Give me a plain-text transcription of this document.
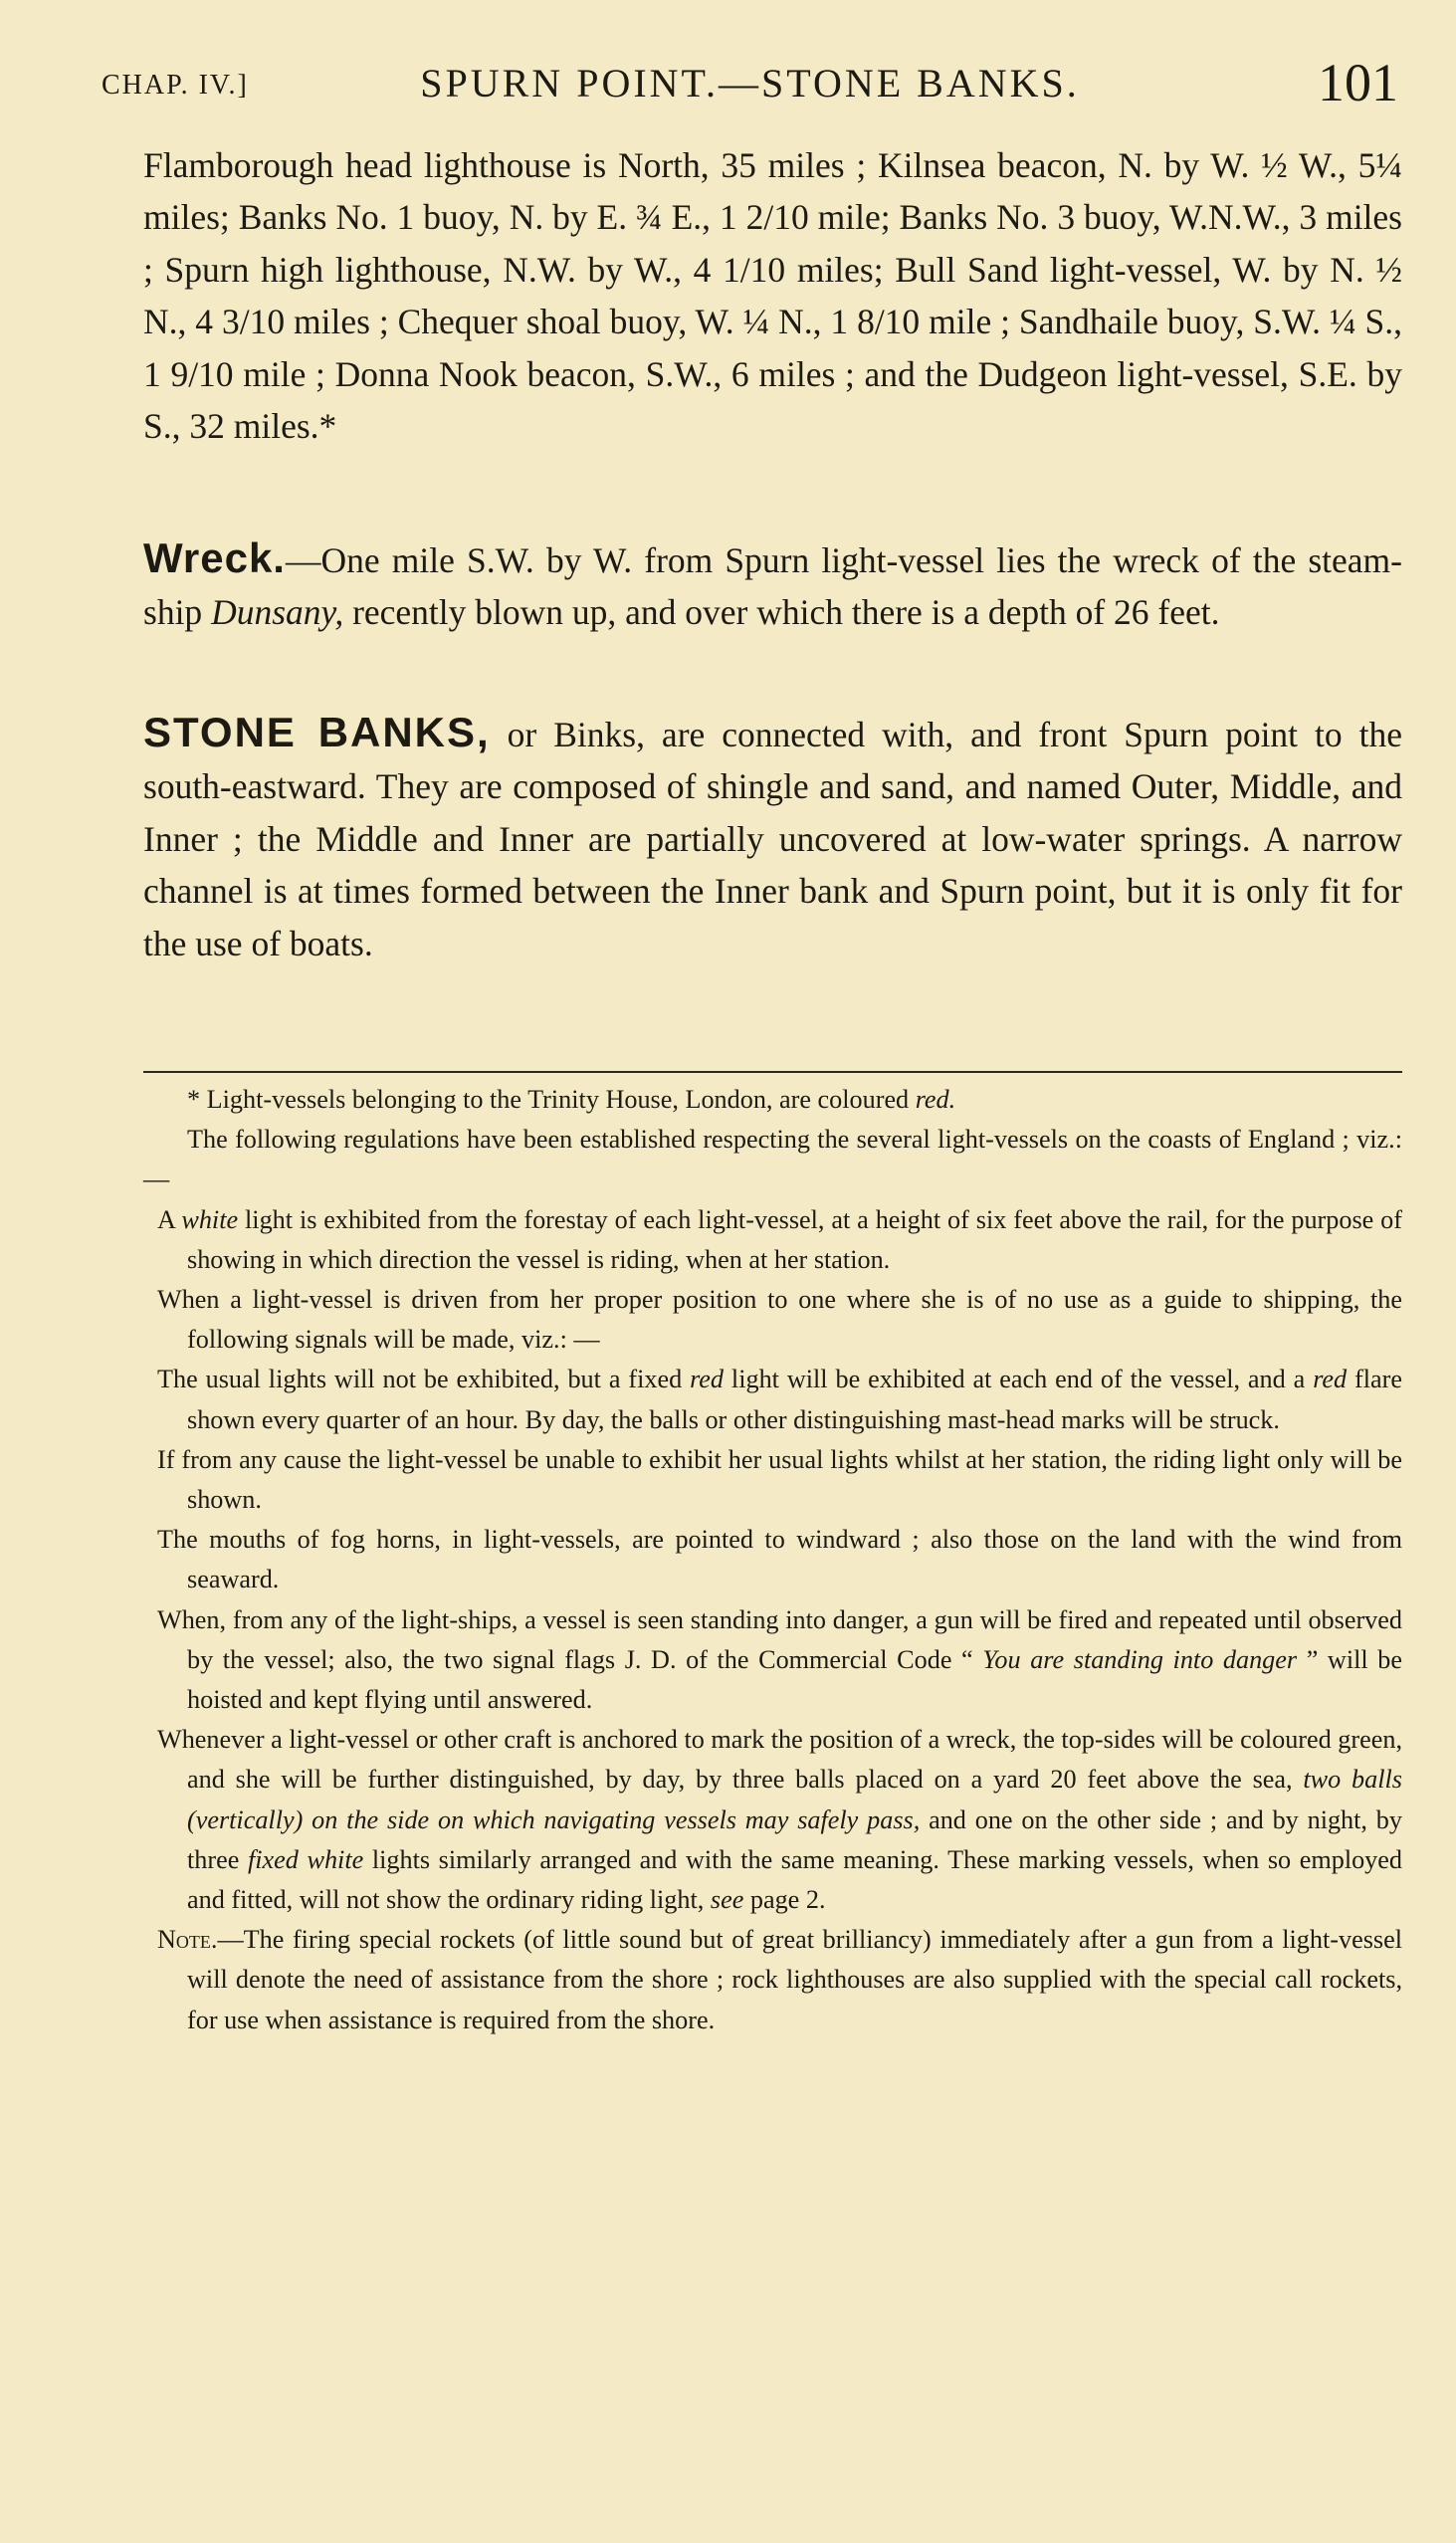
CHAP. IV.]	SPURN POINT.—STONE BANKS.	101

Flamborough head lighthouse is North, 35 miles ; Kilnsea beacon, N. by W. ½ W., 5¼ miles; Banks No. 1 buoy, N. by E. ¾ E., 1 2/10 mile; Banks No. 3 buoy, W.N.W., 3 miles ; Spurn high lighthouse, N.W. by W., 4 1/10 miles; Bull Sand light-vessel, W. by N. ½ N., 4 3/10 miles ; Chequer shoal buoy, W. ¼ N., 1 8/10 mile ; Sandhaile buoy, S.W. ¼ S., 1 9/10 mile ; Donna Nook beacon, S.W., 6 miles ; and the Dudgeon light-vessel, S.E. by S., 32 miles.*

Wreck.—One mile S.W. by W. from Spurn light-vessel lies the wreck of the steam-ship Dunsany, recently blown up, and over which there is a depth of 26 feet.

STONE BANKS, or Binks, are connected with, and front Spurn point to the south-eastward. They are composed of shingle and sand, and named Outer, Middle, and Inner ; the Middle and Inner are partially uncovered at low-water springs. A narrow channel is at times formed between the Inner bank and Spurn point, but it is only fit for the use of boats.

* Light-vessels belonging to the Trinity House, London, are coloured red.

The following regulations have been established respecting the several light-vessels on the coasts of England ; viz.: —

A white light is exhibited from the forestay of each light-vessel, at a height of six feet above the rail, for the purpose of showing in which direction the vessel is riding, when at her station.

When a light-vessel is driven from her proper position to one where she is of no use as a guide to shipping, the following signals will be made, viz.: —

The usual lights will not be exhibited, but a fixed red light will be exhibited at each end of the vessel, and a red flare shown every quarter of an hour. By day, the balls or other distinguishing mast-head marks will be struck.

If from any cause the light-vessel be unable to exhibit her usual lights whilst at her station, the riding light only will be shown.

The mouths of fog horns, in light-vessels, are pointed to windward ; also those on the land with the wind from seaward.

When, from any of the light-ships, a vessel is seen standing into danger, a gun will be fired and repeated until observed by the vessel; also, the two signal flags J. D. of the Commercial Code “ You are standing into danger ” will be hoisted and kept flying until answered.

Whenever a light-vessel or other craft is anchored to mark the position of a wreck, the top-sides will be coloured green, and she will be further distinguished, by day, by three balls placed on a yard 20 feet above the sea, two balls (vertically) on the side on which navigating vessels may safely pass, and one on the other side ; and by night, by three fixed white lights similarly arranged and with the same meaning. These marking vessels, when so employed and fitted, will not show the ordinary riding light, see page 2.

Note.—The firing special rockets (of little sound but of great brilliancy) immediately after a gun from a light-vessel will denote the need of assistance from the shore ; rock lighthouses are also supplied with the special call rockets, for use when assistance is required from the shore.
